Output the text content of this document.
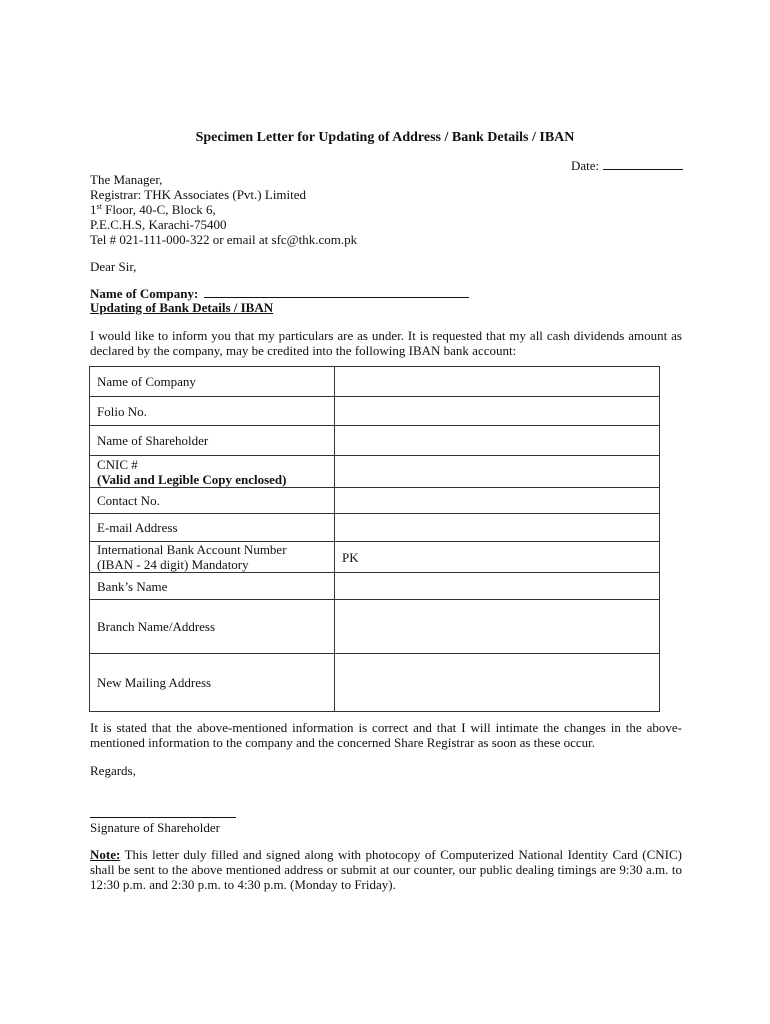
Specimen Letter for Updating of Address / Bank Details / IBAN
Date:
The Manager,
Registrar: THK Associates (Pvt.) Limited
1st Floor, 40-C, Block 6,
P.E.C.H.S, Karachi-75400
Tel # 021-111-000-322 or email at sfc@thk.com.pk
Dear Sir,
Name of Company:
Updating of Bank Details / IBAN
I would like to inform you that my particulars are as under. It is requested that my all cash dividends amount as declared by the company, may be credited into the following IBAN bank account:
Name of Company	
Folio No.	
Name of Shareholder	

CNIC #
(Valid and Legible Copy enclosed)	

Contact No.	
E-mail Address	

International Bank Account Number
(IBAN - 24 digit) Mandatory	PK
Bank’s Name	
Branch Name/Address	
New Mailing Address	
It is stated that the above-mentioned information is correct and that I will intimate the changes in the above-mentioned information to the company and the concerned Share Registrar as soon as these occur.
Regards,
Signature of Shareholder
Note: This letter duly filled and signed along with photocopy of Computerized National Identity Card (CNIC) shall be sent to the above mentioned address or submit at our counter, our public dealing timings are 9:30 a.m. to 12:30 p.m. and 2:30 p.m. to 4:30 p.m. (Monday to Friday).
